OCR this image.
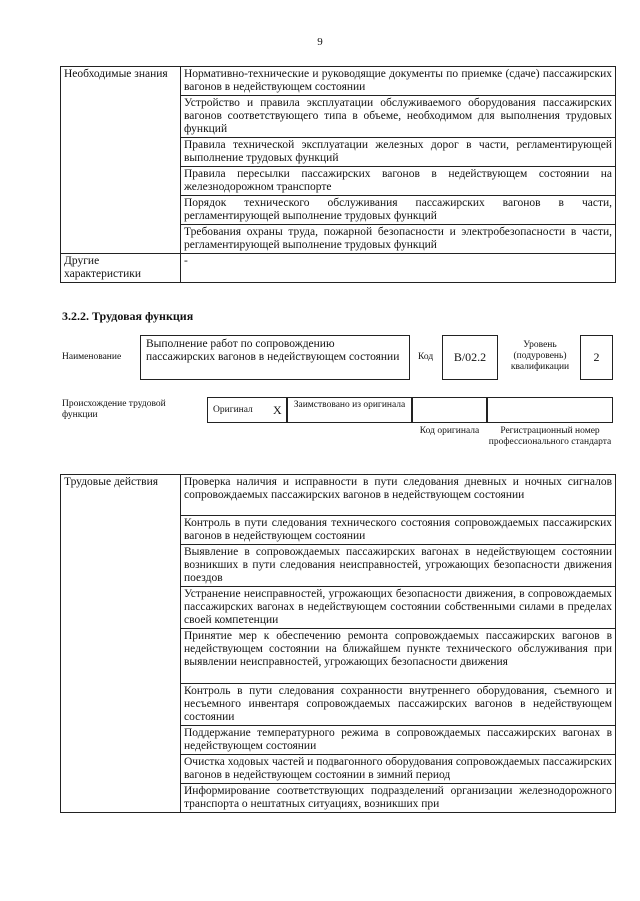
9
Необходимые знания	Нормативно-технические и руководящие документы по приемке (сдаче) пассажирских вагонов в недействующем состоянии
	Устройство и правила эксплуатации обслуживаемого оборудования пассажирских вагонов соответствующего типа в объеме, необходимом для выполнения трудовых функций
	Правила технической эксплуатации железных дорог в части, регламентирующей выполнение трудовых функций
	Правила пересылки пассажирских вагонов в недействующем состоянии на железнодорожном транспорте
	Порядок технического обслуживания пассажирских вагонов в части, регламентирующей выполнение трудовых функций
	Требования охраны труда, пожарной безопасности и электробезопасности в части, регламентирующей выполнение трудовых функций
Другие характеристики	-
3.2.2. Трудовая функция
Наименование
Выполнение работ по сопровождению пассажирских вагонов в недействующем состоянии	Код	B/02.2
Уровень (подуровень) квалификации
2
Происхождение трудовой функции	Оригинал X	Заимствовано из оригинала
Код оригинала	Регистрационный номер профессионального стандарта
Трудовые действия	Проверка наличия и исправности в пути следования дневных и ночных сигналов сопровождаемых пассажирских вагонов в недействующем состоянии
Контроль в пути следования технического состояния сопровождаемых пассажирских вагонов в недействующем состоянии
Выявление в сопровождаемых пассажирских вагонах в недействующем состоянии возникших в пути следования неисправностей, угрожающих безопасности движения поездов
Устранение неисправностей, угрожающих безопасности движения, в сопровождаемых пассажирских вагонах в недействующем состоянии собственными силами в пределах своей компетенции
Принятие мер к обеспечению ремонта сопровождаемых пассажирских вагонов в недействующем состоянии на ближайшем пункте технического обслуживания при выявлении неисправностей, угрожающих безопасности движения
Контроль в пути следования сохранности внутреннего оборудования, съемного и несъемного инвентаря сопровождаемых пассажирских вагонов в недействующем состоянии
Поддержание температурного режима в сопровождаемых пассажирских вагонах в недействующем состоянии
Очистка ходовых частей и подвагонного оборудования сопровождаемых пассажирских вагонов в недействующем состоянии в зимний период
Информирование соответствующих подразделений организации железнодорожного транспорта о нештатных ситуациях, возникших при
